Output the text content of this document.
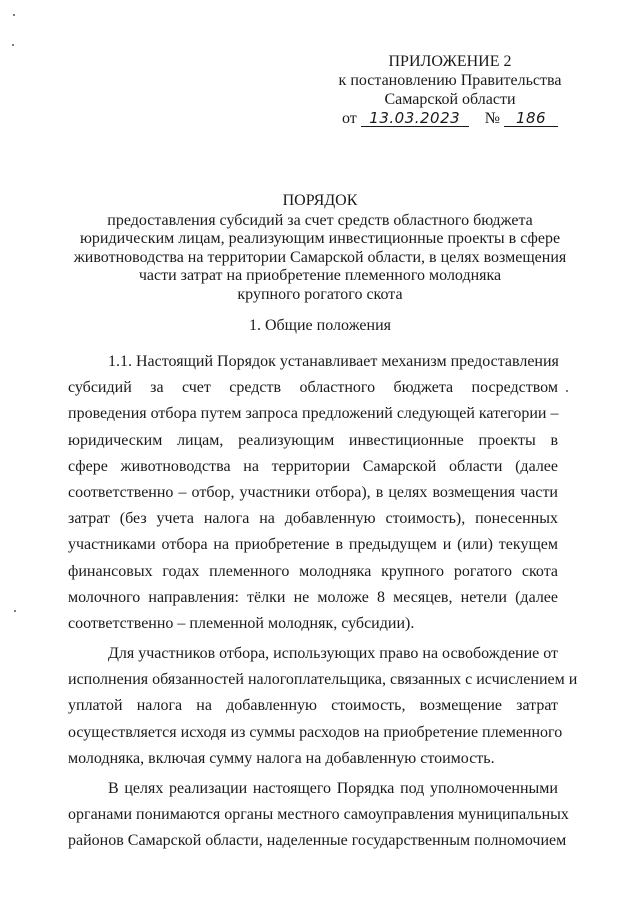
ПРИЛОЖЕНИЕ 2
к постановлению Правительства
Самарской области
от 13.03.2023 № 186
ПОРЯДОК
предоставления субсидий за счет средств областного бюджета
юридическим лицам, реализующим инвестиционные проекты в сфере
животноводства на территории Самарской области, в целях возмещения
части затрат на приобретение племенного молодняка
крупного рогатого скота
1. Общие положения
1.1. Настоящий Порядок устанавливает механизм предоставления
субсидий за счет средств областного бюджета посредством
проведения отбора путем запроса предложений следующей категории –
юридическим лицам, реализующим инвестиционные проекты в
сфере животноводства на территории Самарской области (далее
соответственно – отбор, участники отбора), в целях возмещения части
затрат (без учета налога на добавленную стоимость), понесенных
участниками отбора на приобретение в предыдущем и (или) текущем
финансовых годах племенного молодняка крупного рогатого скота
молочного направления: тёлки не моложе 8 месяцев, нетели (далее
соответственно – племенной молодняк, субсидии).
Для участников отбора, использующих право на освобождение от
исполнения обязанностей налогоплательщика, связанных с исчислением и
уплатой налога на добавленную стоимость, возмещение затрат
осуществляется исходя из суммы расходов на приобретение племенного
молодняка, включая сумму налога на добавленную стоимость.
В целях реализации настоящего Порядка под уполномоченными
органами понимаются органы местного самоуправления муниципальных
районов Самарской области, наделенные государственным полномочием
